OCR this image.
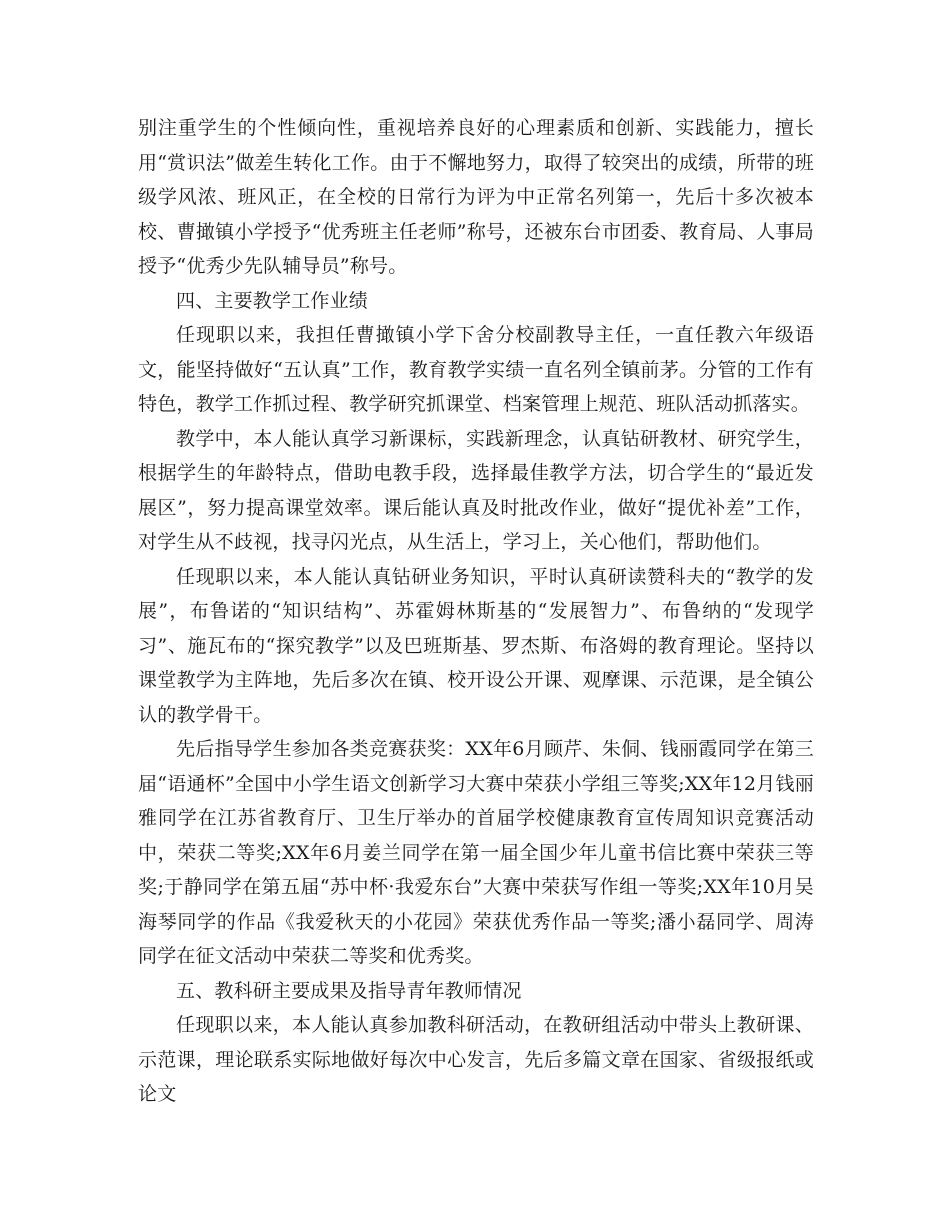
别注重学生的个性倾向性，重视培养良好的心理素质和创新、实践能力，擅长用“赏识法”做差生转化工作。由于不懈地努力，取得了较突出的成绩，所带的班级学风浓、班风正，在全校的日常行为评为中正常名列第一，先后十多次被本校、曹撖镇小学授予“优秀班主任老师”称号，还被东台市团委、教育局、人事局授予“优秀少先队辅导员”称号。

四、主要教学工作业绩

任现职以来，我担任曹撖镇小学下舍分校副教导主任，一直任教六年级语文，能坚持做好“五认真”工作，教育教学实绩一直名列全镇前茅。分管的工作有特色，教学工作抓过程、教学研究抓课堂、档案管理上规范、班队活动抓落实。

教学中，本人能认真学习新课标，实践新理念，认真钻研教材、研究学生，根据学生的年龄特点，借助电教手段，选择最佳教学方法，切合学生的“最近发展区”，努力提高课堂效率。课后能认真及时批改作业，做好“提优补差”工作，对学生从不歧视，找寻闪光点，从生活上，学习上，关心他们，帮助他们。

任现职以来，本人能认真钻研业务知识，平时认真研读赞科夫的“教学的发展”，布鲁诺的“知识结构”、苏霍姆林斯基的“发展智力”、布鲁纳的“发现学习”、施瓦布的“探究教学”以及巴班斯基、罗杰斯、布洛姆的教育理论。坚持以课堂教学为主阵地，先后多次在镇、校开设公开课、观摩课、示范课，是全镇公认的教学骨干。

先后指导学生参加各类竞赛获奖：XX年6月顾芹、朱侗、钱丽霞同学在第三届“语通杯”全国中小学生语文创新学习大赛中荣获小学组三等奖;XX年12月钱丽雅同学在江苏省教育厅、卫生厅举办的首届学校健康教育宣传周知识竞赛活动中，荣获二等奖;XX年6月姜兰同学在第一届全国少年儿童书信比赛中荣获三等奖;于静同学在第五届“苏中杯·我爱东台”大赛中荣获写作组一等奖;XX年10月吴海琴同学的作品《我爱秋天的小花园》荣获优秀作品一等奖;潘小磊同学、周涛同学在征文活动中荣获二等奖和优秀奖。

五、教科研主要成果及指导青年教师情况

任现职以来，本人能认真参加教科研活动，在教研组活动中带头上教研课、示范课，理论联系实际地做好每次中心发言，先后多篇文章在国家、省级报纸或论文
